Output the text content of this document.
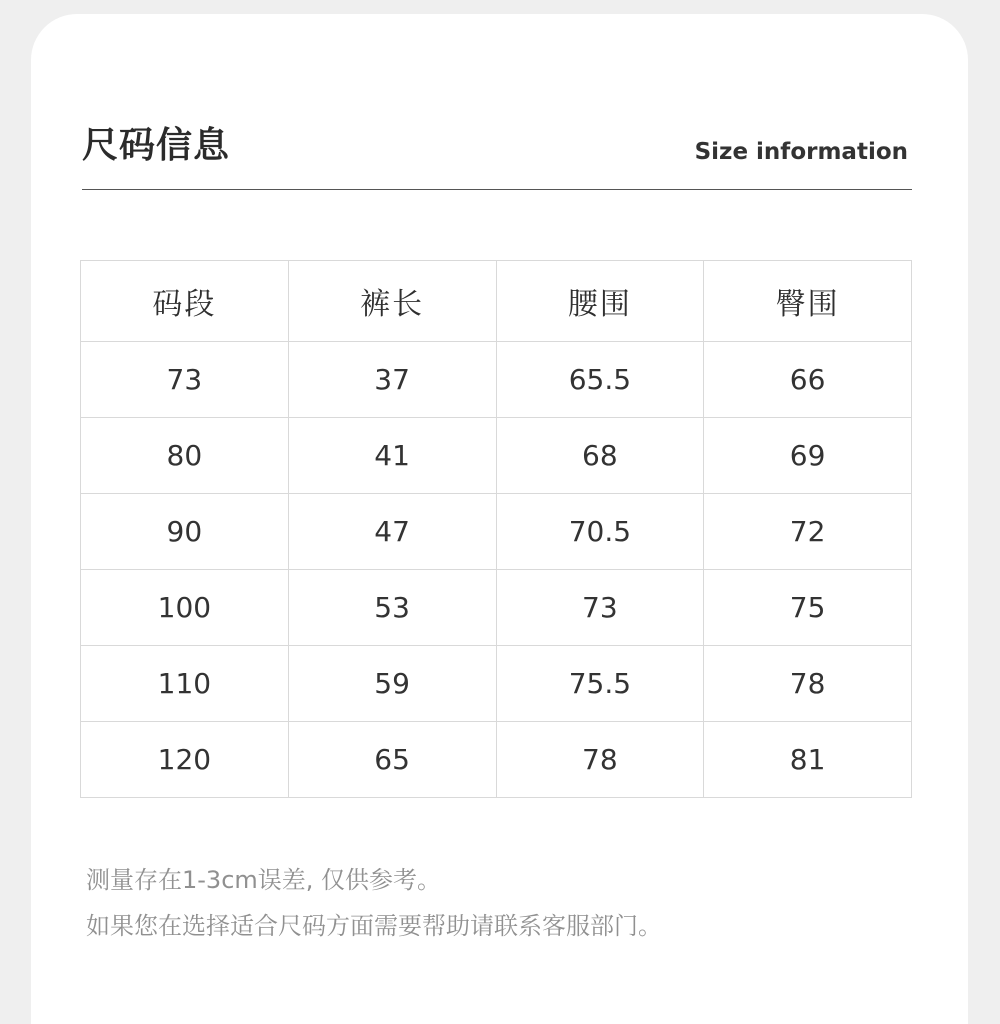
尺码信息	Size information
码段	裤长	腰围	臀围
73	37	65.5	66
80	41	68	69
90	47	70.5	72
100	53	73	75
110	59	75.5	78
120	65	78	81
测量存在1-3cm误差, 仅供参考。
如果您在选择适合尺码方面需要帮助请联系客服部门。
